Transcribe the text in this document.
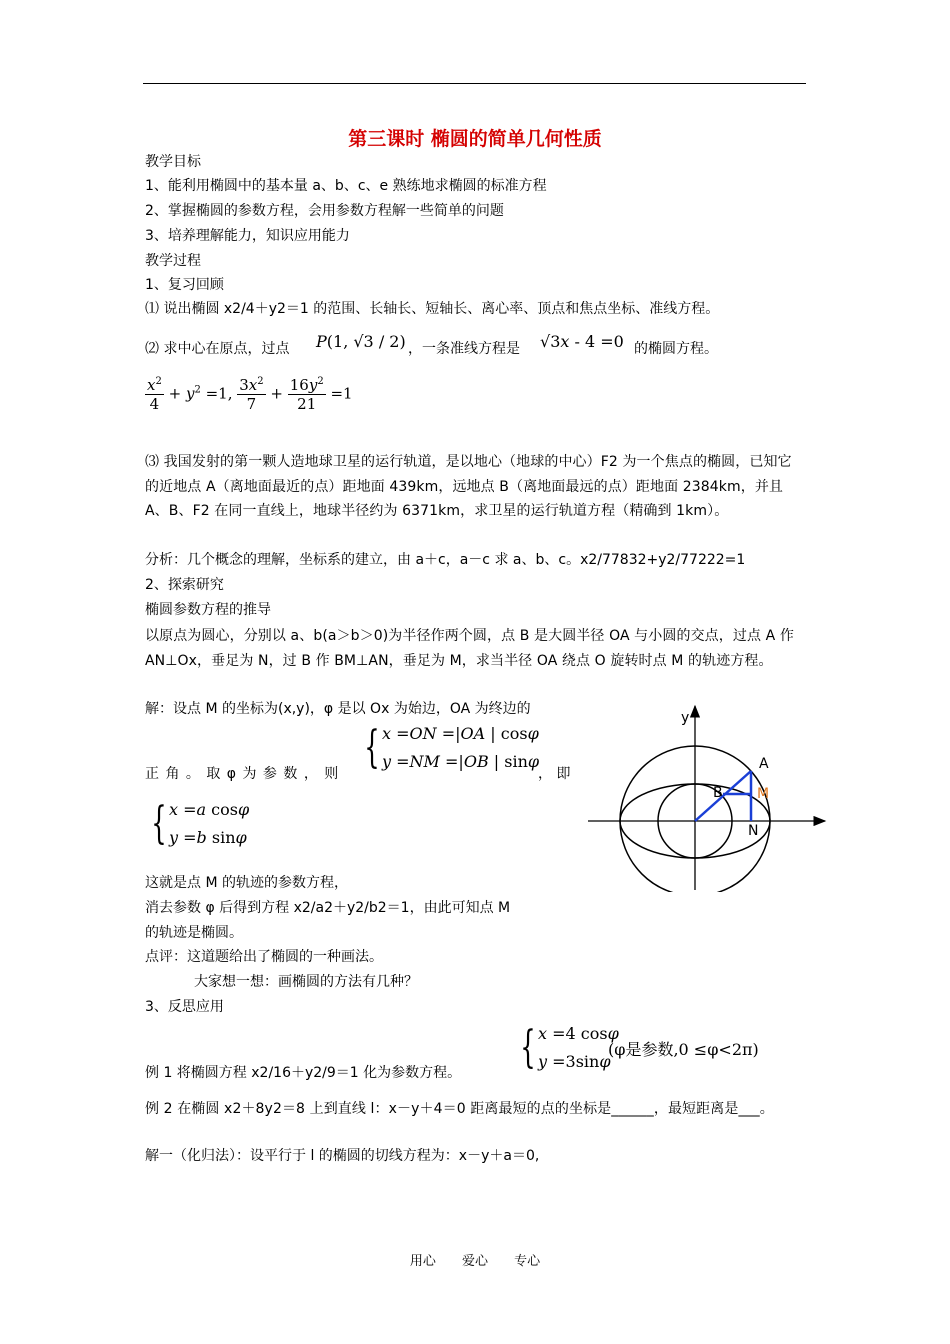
第三课时 椭圆的简单几何性质
教学目标
1、能利用椭圆中的基本量 a、b、c、e 熟练地求椭圆的标准方程
2、掌握椭圆的参数方程，会用参数方程解一些简单的问题
3、培养理解能力，知识应用能力
教学过程
1、复习回顾
⑴ 说出椭圆 x2/4＋y2＝1 的范围、长轴长、短轴长、离心率、顶点和焦点坐标、准线方程。
⑵ 求中心在原点，过点 P(1, √3 / 2) ，一条准线方程是 √3x - 4 =0 的椭圆方程。
$\frac{x^2}{4} + y^2 =1$, $\frac{3x^2}{7} + \frac{16y^2}{21} =1$
⑶ 我国发射的第一颗人造地球卫星的运行轨道，是以地心（地球的中心）F2 为一个焦点的椭圆，已知它的近地点 A（离地面最近的点）距地面 439km，远地点 B（离地面最远的点）距地面 2384km，并且 A、B、F2 在同一直线上，地球半径约为 6371km，求卫星的运行轨道方程（精确到 1km）。
分析：几个概念的理解，坐标系的建立，由 a＋c，a－c 求 a、b、c。x2/77832+y2/77222=1
2、探索研究
椭圆参数方程的推导
以原点为圆心，分别以 a、b(a＞b＞0)为半径作两个圆，点 B 是大圆半径 OA 与小圆的交点，过点 A 作 AN⊥Ox，垂足为 N，过 B 作 BM⊥AN，垂足为 M，求当半径 OA 绕点 O 旋转时点 M 的轨迹方程。
解：设点 M 的坐标为(x,y)，φ 是以 Ox 为始边，OA 为终边的
正 角 。 取 φ 为 参 数 ， 则
{ x =ON =|OA | cosφ
y =NM =|OB | sinφ
， 即
{ x =a cosφ
y =b sinφ
这就是点 M 的轨迹的参数方程，
消去参数 φ 后得到方程 x2/a2＋y2/b2＝1，由此可知点 M
的轨迹是椭圆。
点评：这道题给出了椭圆的一种画法。
大家想一想：画椭圆的方法有几种？
3、反思应用
y
A
B M
N
{ x =4 cosφ
y =3sinφ
(φ是参数,0 ≤φ<2π)
例 1 将椭圆方程 x2/16＋y2/9＝1 化为参数方程。
例 2 在椭圆 x2＋8y2＝8 上到直线 l：x－y＋4＝0 距离最短的点的坐标是______，最短距离是___。
解一（化归法）：设平行于 l 的椭圆的切线方程为：x－y＋a＝0,
用心 爱心 专心
